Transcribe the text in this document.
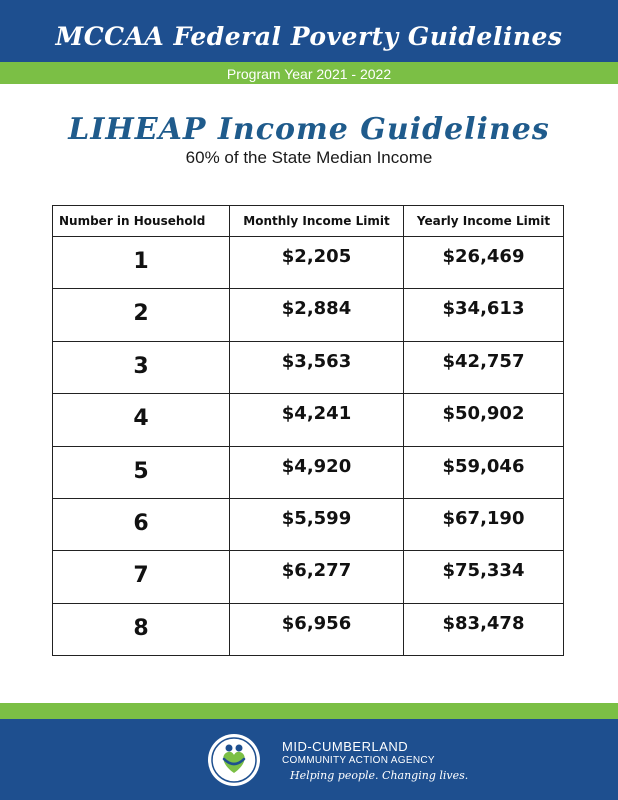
MCCAA Federal Poverty Guidelines
Program Year 2021 - 2022
LIHEAP Income Guidelines
60% of the State Median Income
Number in Household	Monthly Income Limit	Yearly Income Limit
1	$2,205	$26,469
2	$2,884	$34,613
3	$3,563	$42,757
4	$4,241	$50,902
5	$4,920	$59,046
6	$5,599	$67,190
7	$6,277	$75,334
8	$6,956	$83,478
MID-CUMBERLAND
COMMUNITY ACTION AGENCY
Helping people. Changing lives.
